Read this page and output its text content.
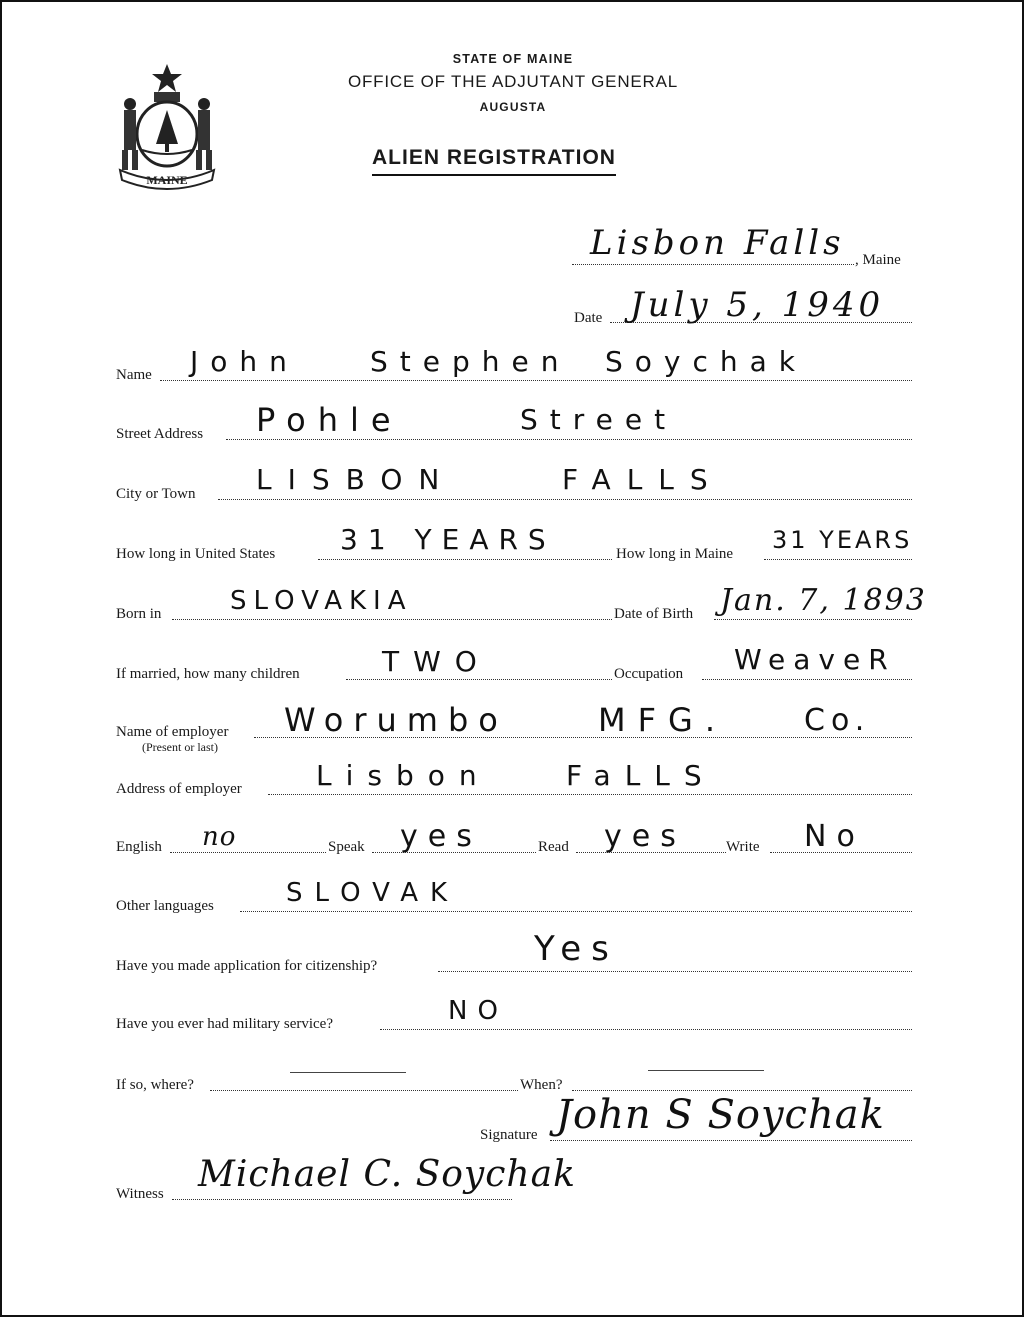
MAINE
STATE OF MAINE
OFFICE OF THE ADJUTANT GENERAL
AUGUSTA
ALIEN REGISTRATION
Lisbon Falls , Maine
Date July 5, 1940
Name John	Stephen Soychak
Street Address Pohle	Street
City or Town LISBON	FALLS
How long in United States 31 YEARS	How long in Maine 31 YEARS
Born in	SLOVAKIA	Date of Birth Jan. 7, 1893
If married, how many children	TWO	Occupation WeaveR
Name of employer
(Present or last)
Worumbo	MFG.	Co.
Address of employer	Lisbon	FaLLS
English no	Speak yes	Read yes	Write No
Other languages	SLOVAK
Have you made application for citizenship?	Yes
Have you ever had military service?	NO
If so, where?	When?
Signature John S Soychak
Witness Michael C. Soychak
